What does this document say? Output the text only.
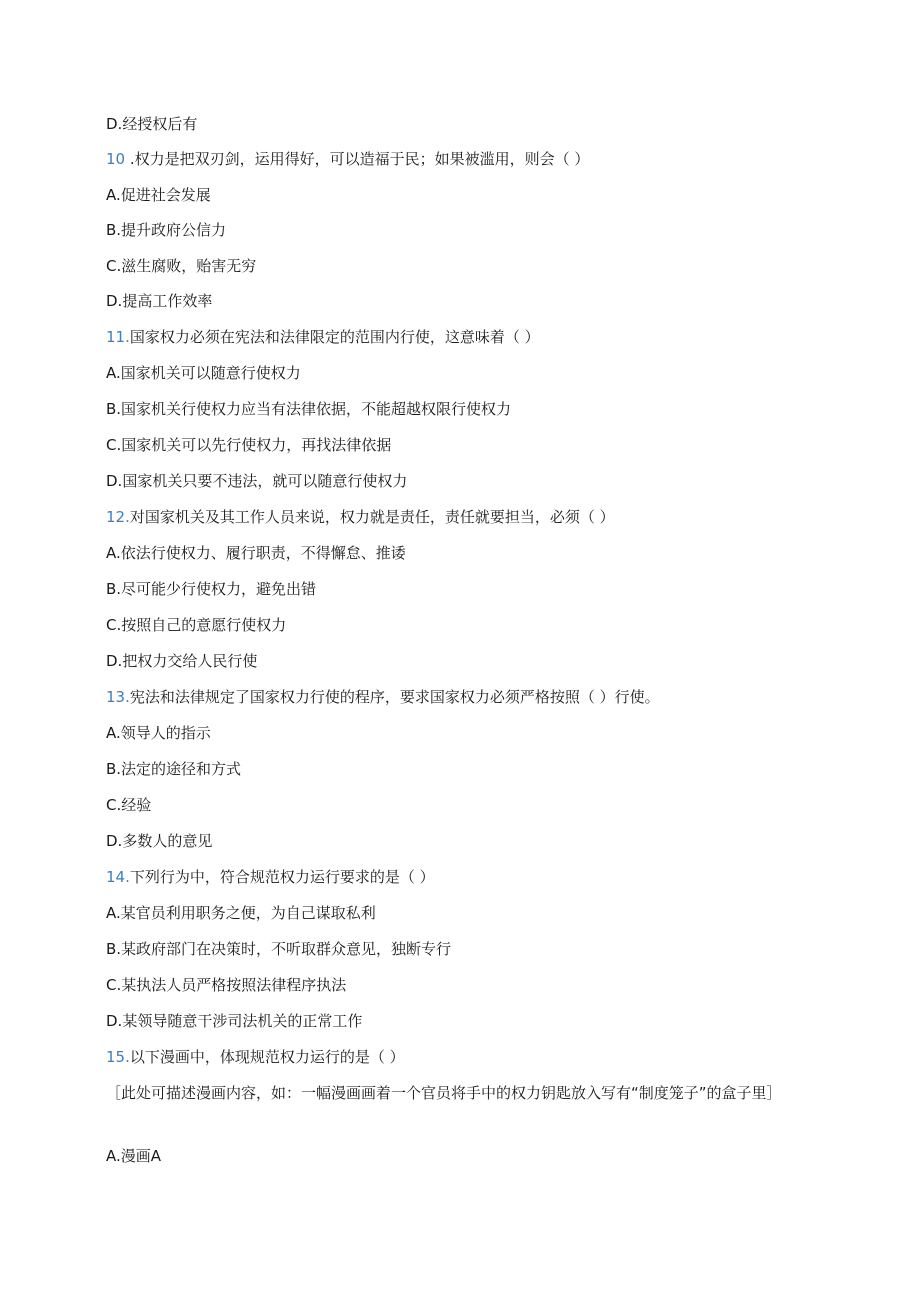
D.经授权后有
10 .权力是把双刃剑，运用得好，可以造福于民；如果被滥用，则会（ ）
A.促进社会发展
B.提升政府公信力
C.滋生腐败，贻害无穷
D.提高工作效率
11.国家权力必须在宪法和法律限定的范围内行使，这意味着（ ）
A.国家机关可以随意行使权力
B.国家机关行使权力应当有法律依据，不能超越权限行使权力
C.国家机关可以先行使权力，再找法律依据
D.国家机关只要不违法，就可以随意行使权力
12.对国家机关及其工作人员来说，权力就是责任，责任就要担当，必须（ ）
A.依法行使权力、履行职责，不得懈怠、推诿
B.尽可能少行使权力，避免出错
C.按照自己的意愿行使权力
D.把权力交给人民行使
13.宪法和法律规定了国家权力行使的程序，要求国家权力必须严格按照（ ）行使。
A.领导人的指示
B.法定的途径和方式
C.经验
D.多数人的意见
14.下列行为中，符合规范权力运行要求的是（ ）
A.某官员利用职务之便，为自己谋取私利
B.某政府部门在决策时，不听取群众意见，独断专行
C.某执法人员严格按照法律程序执法
D.某领导随意干涉司法机关的正常工作
15.以下漫画中，体现规范权力运行的是（ ）
［此处可描述漫画内容，如：一幅漫画画着一个官员将手中的权力钥匙放入写有“制度笼子”的盒子里］
A.漫画A
